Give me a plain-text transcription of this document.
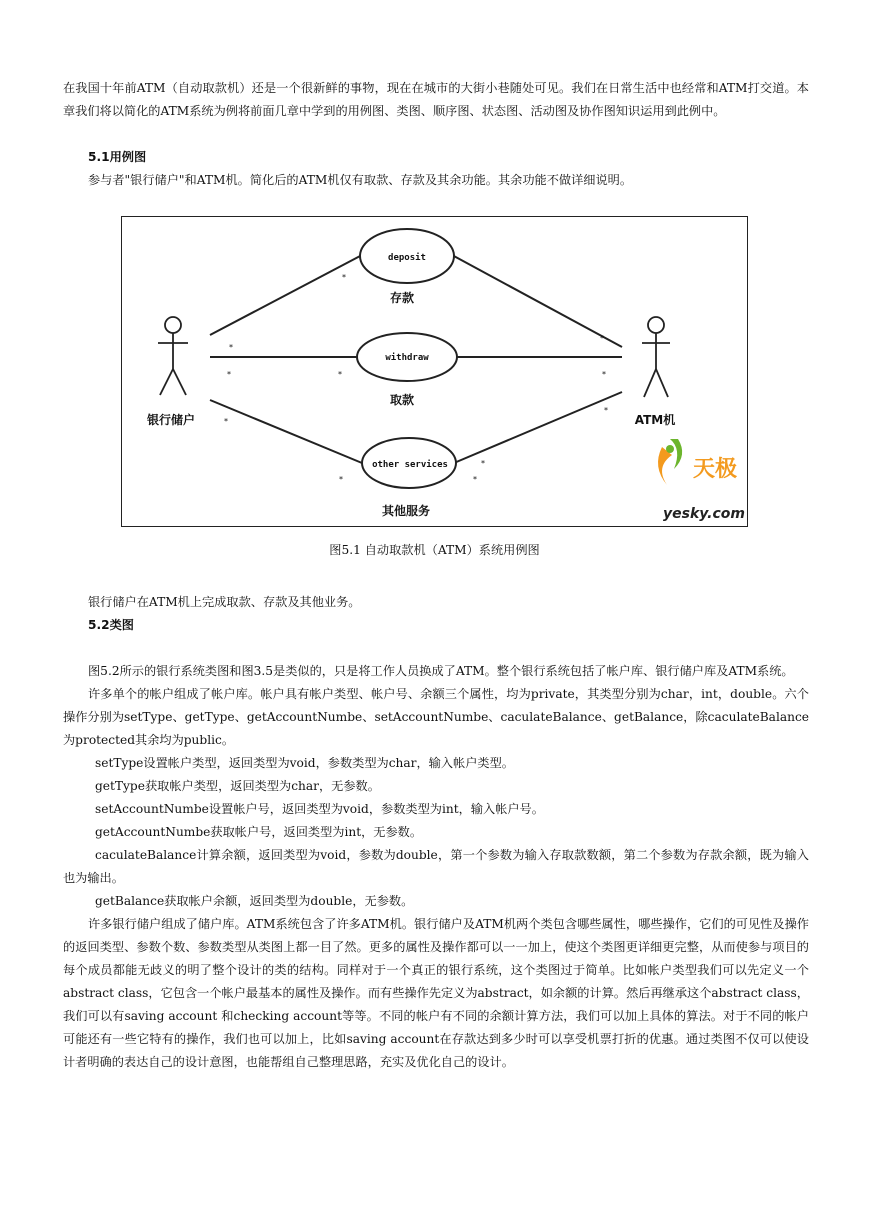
在我国十年前ATM（自动取款机）还是一个很新鲜的事物，现在在城市的大街小巷随处可见。我们在日常生活中也经常和ATM打交道。本章我们将以简化的ATM系统为例将前面几章中学到的用例图、类图、顺序图、状态图、活动图及协作图知识运用到此例中。

5.1用例图

参与者"银行储户"和ATM机。简化后的ATM机仅有取款、存款及其余功能。其余功能不做详细说明。

deposit
withdraw
other services
存款
取款
其他服务
*
*
*
*	*	*
*
*
*
*	*
银行储户	ATM机
天极
yesky.com

图5.1 自动取款机（ATM）系统用例图

银行储户在ATM机上完成取款、存款及其他业务。

5.2类图

图5.2所示的银行系统类图和图3.5是类似的，只是将工作人员换成了ATM。整个银行系统包括了帐户库、银行储户库及ATM系统。

许多单个的帐户组成了帐户库。帐户具有帐户类型、帐户号、余额三个属性，均为private，其类型分别为char，int，double。六个操作分别为setType、getType、getAccountNumbe、setAccountNumbe、caculateBalance、getBalance，除caculateBalance为protected其余均为public。

setType设置帐户类型，返回类型为void，参数类型为char，输入帐户类型。

getType获取帐户类型，返回类型为char，无参数。

setAccountNumbe设置帐户号，返回类型为void，参数类型为int，输入帐户号。

getAccountNumbe获取帐户号，返回类型为int，无参数。

caculateBalance计算余额，返回类型为void，参数为double，第一个参数为输入存取款数额，第二个参数为存款余额，既为输入也为输出。

getBalance获取帐户余额，返回类型为double，无参数。

许多银行储户组成了储户库。ATM系统包含了许多ATM机。银行储户及ATM机两个类包含哪些属性，哪些操作，它们的可见性及操作的返回类型、参数个数、参数类型从类图上都一目了然。更多的属性及操作都可以一一加上，使这个类图更详细更完整，从而使参与项目的每个成员都能无歧义的明了整个设计的类的结构。同样对于一个真正的银行系统，这个类图过于简单。比如帐户类型我们可以先定义一个abstract class，它包含一个帐户最基本的属性及操作。而有些操作先定义为abstract，如余额的计算。然后再继承这个abstract class，我们可以有saving account 和checking account等等。不同的帐户有不同的余额计算方法，我们可以加上具体的算法。对于不同的帐户可能还有一些它特有的操作，我们也可以加上，比如saving account在存款达到多少时可以享受机票打折的优惠。通过类图不仅可以使设计者明确的表达自己的设计意图，也能帮组自己整理思路，充实及优化自己的设计。
